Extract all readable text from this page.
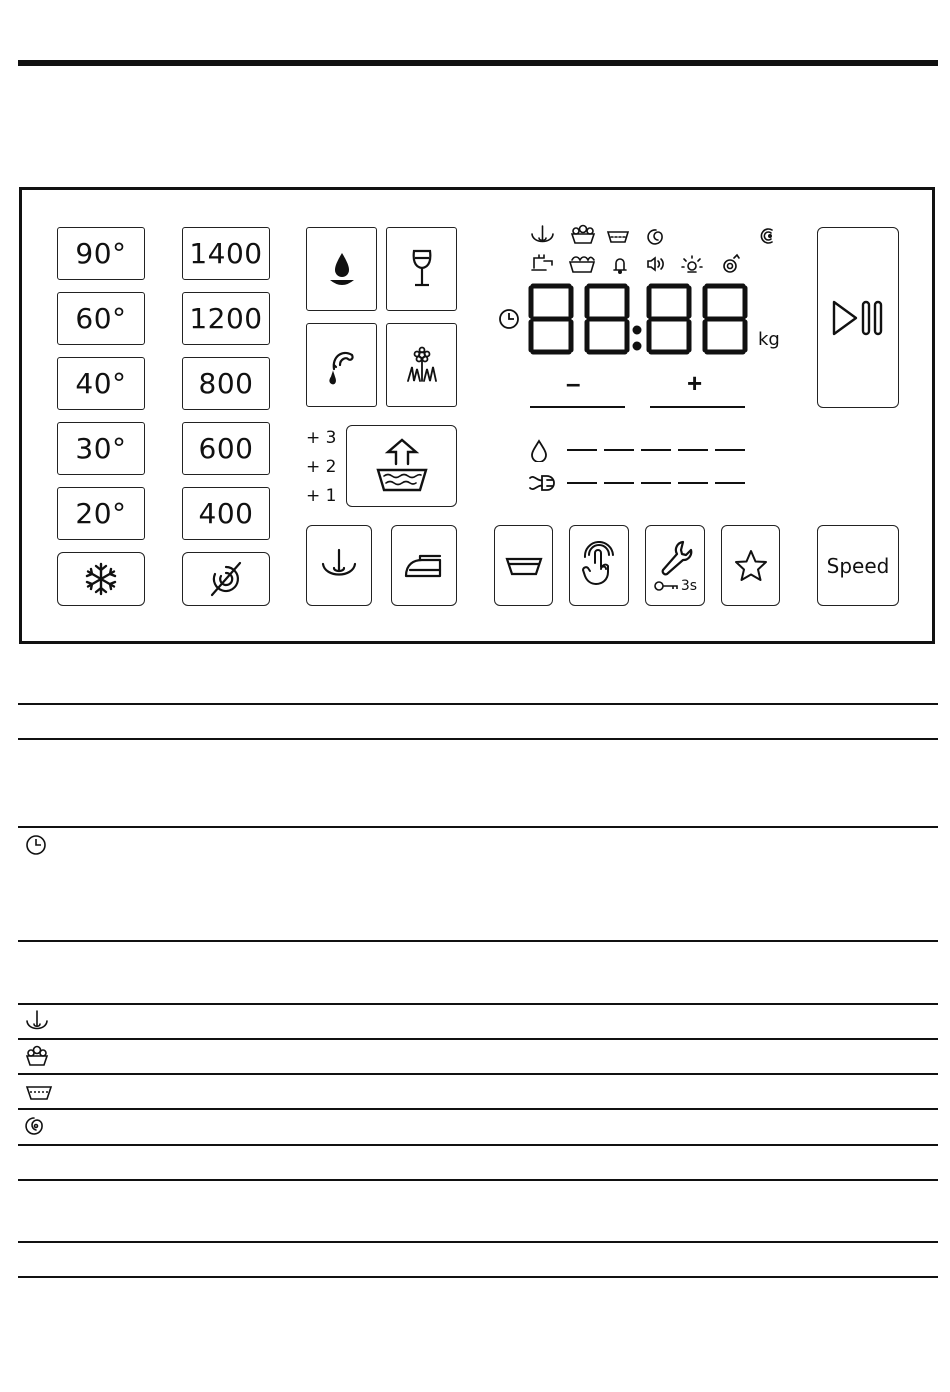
90°
60°
40°
30°
20°
1400
1200
800
600
400
+ 3
+ 2
+ 1
3s
Speed
kg
–	+
